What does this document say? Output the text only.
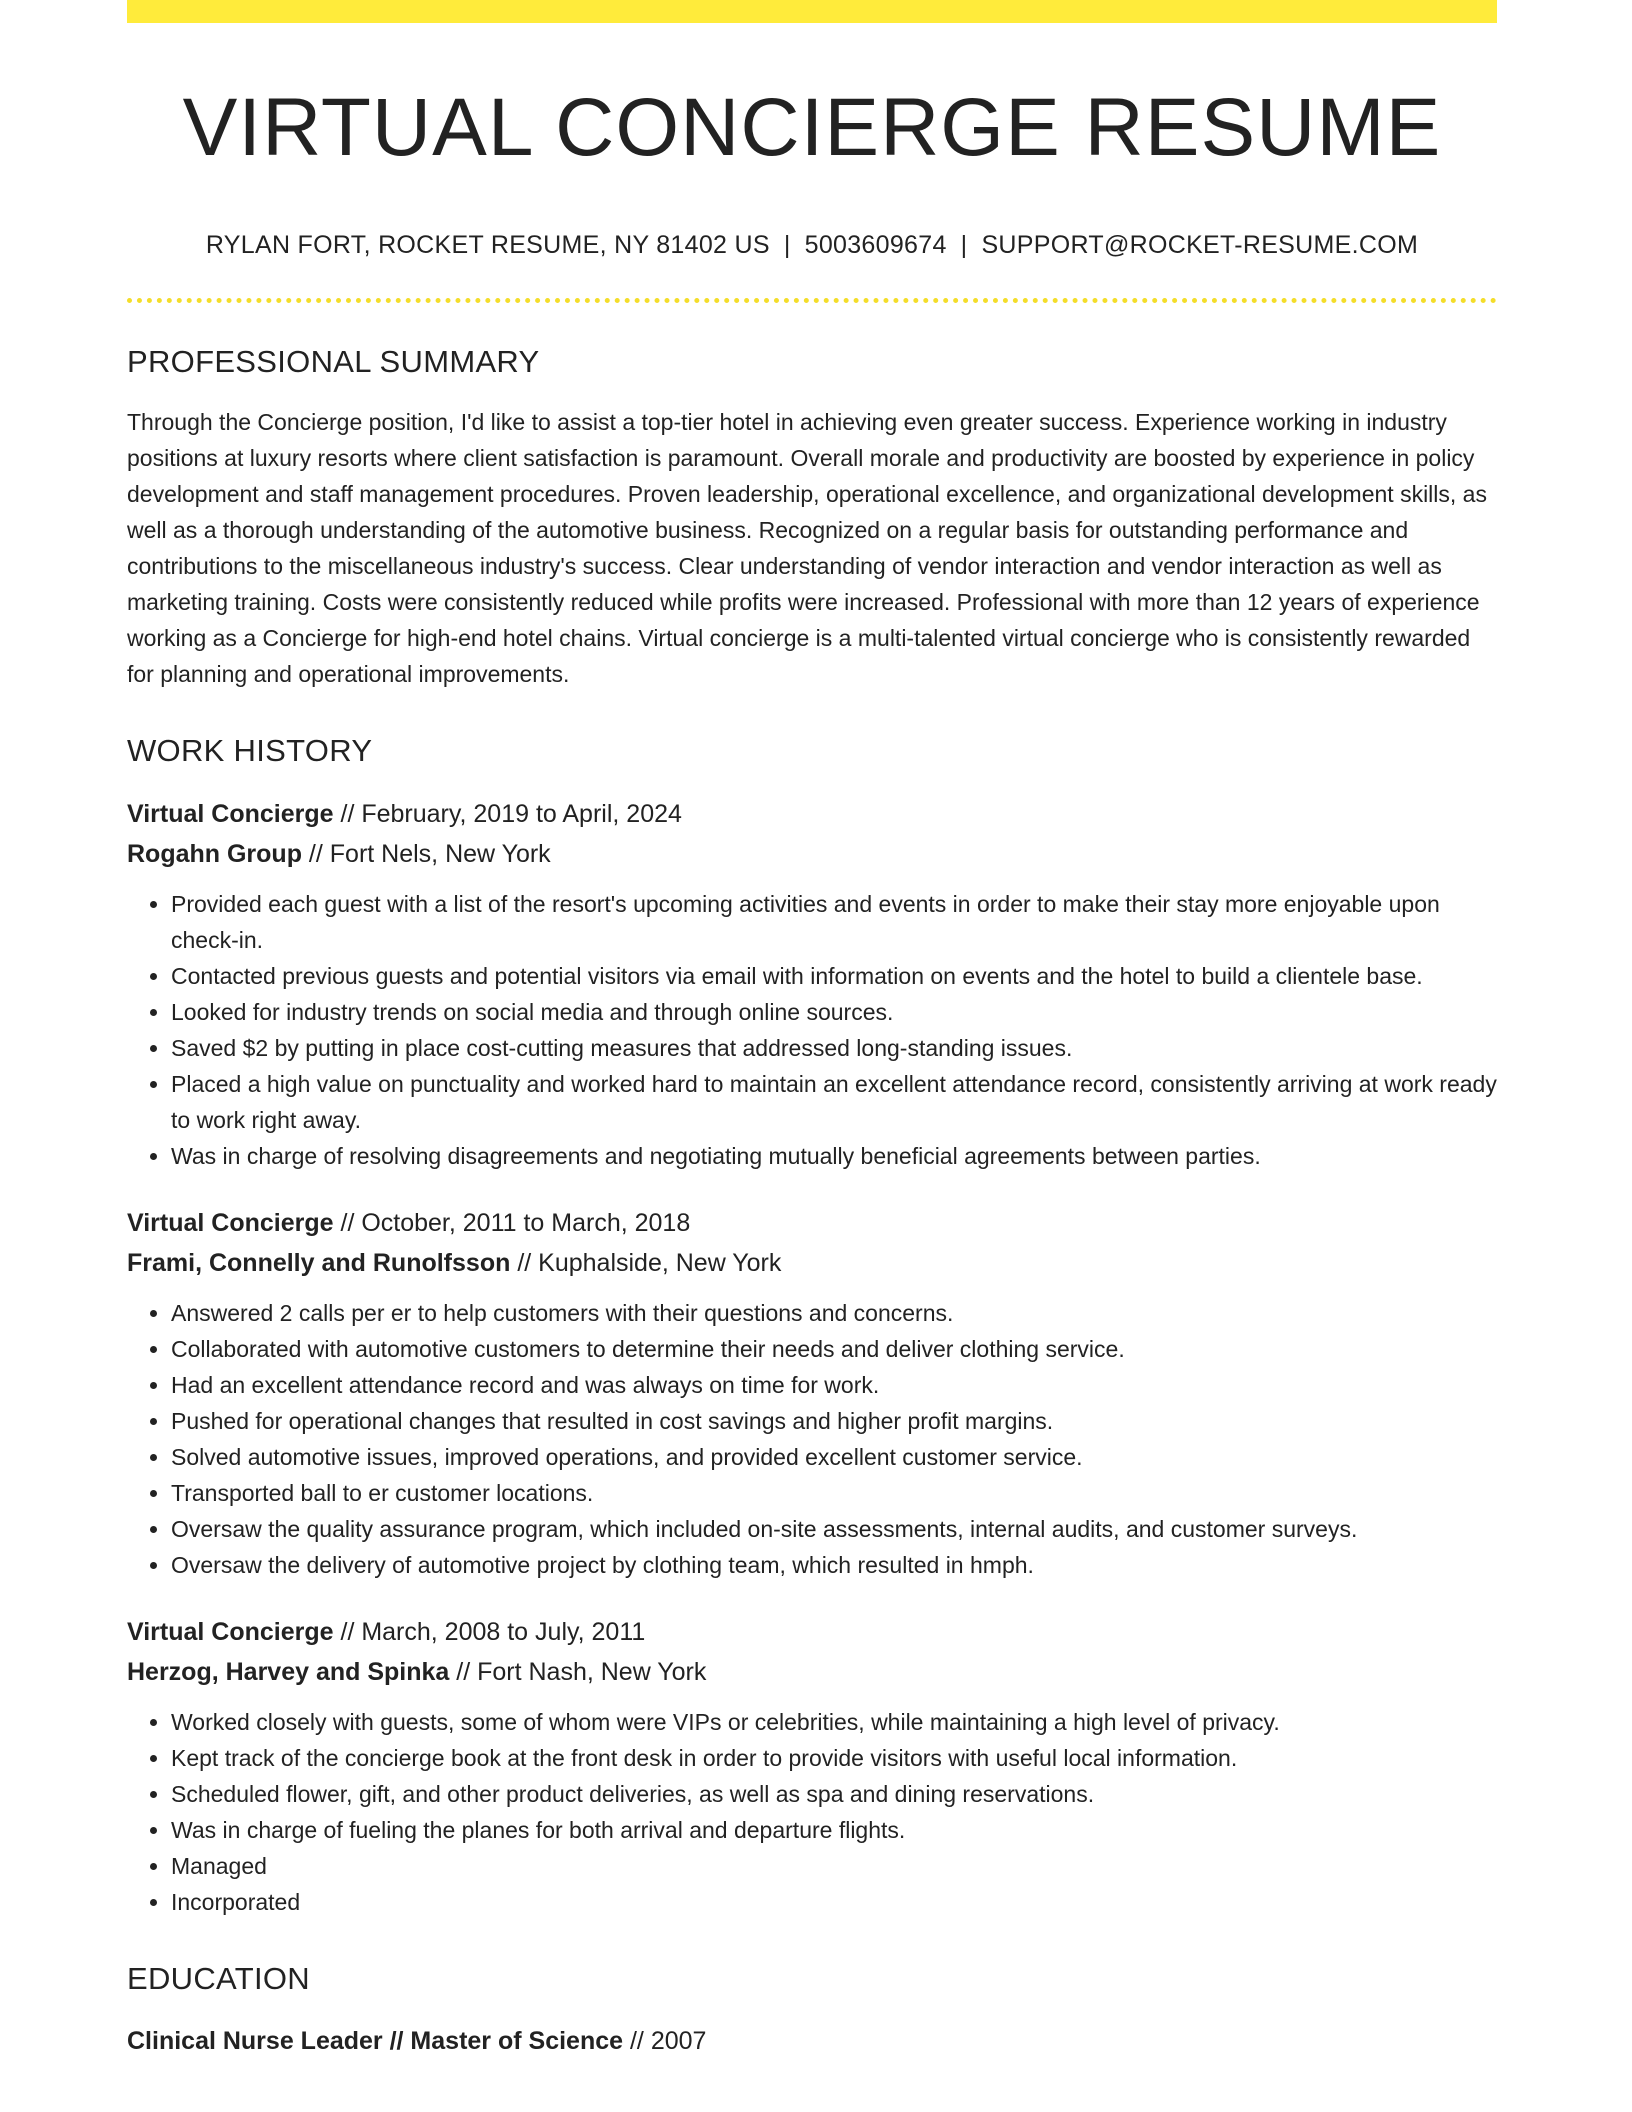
VIRTUAL CONCIERGE RESUME
RYLAN FORT, ROCKET RESUME, NY 81402 US | 5003609674 | SUPPORT@ROCKET-RESUME.COM
PROFESSIONAL SUMMARY
Through the Concierge position, I'd like to assist a top-tier hotel in achieving even greater success. Experience working in industry positions at luxury resorts where client satisfaction is paramount. Overall morale and productivity are boosted by experience in policy development and staff management procedures. Proven leadership, operational excellence, and organizational development skills, as well as a thorough understanding of the automotive business. Recognized on a regular basis for outstanding performance and contributions to the miscellaneous industry's success. Clear understanding of vendor interaction and vendor interaction as well as marketing training. Costs were consistently reduced while profits were increased. Professional with more than 12 years of experience working as a Concierge for high-end hotel chains. Virtual concierge is a multi-talented virtual concierge who is consistently rewarded for planning and operational improvements.
WORK HISTORY
Virtual Concierge // February, 2019 to April, 2024
Rogahn Group // Fort Nels, New York
• Provided each guest with a list of the resort's upcoming activities and events in order to make their stay more enjoyable upon check-in.
• Contacted previous guests and potential visitors via email with information on events and the hotel to build a clientele base.
• Looked for industry trends on social media and through online sources.
• Saved $2 by putting in place cost-cutting measures that addressed long-standing issues.
• Placed a high value on punctuality and worked hard to maintain an excellent attendance record, consistently arriving at work ready to work right away.
• Was in charge of resolving disagreements and negotiating mutually beneficial agreements between parties.
Virtual Concierge // October, 2011 to March, 2018
Frami, Connelly and Runolfsson // Kuphalside, New York
• Answered 2 calls per er to help customers with their questions and concerns.
• Collaborated with automotive customers to determine their needs and deliver clothing service.
• Had an excellent attendance record and was always on time for work.
• Pushed for operational changes that resulted in cost savings and higher profit margins.
• Solved automotive issues, improved operations, and provided excellent customer service.
• Transported ball to er customer locations.
• Oversaw the quality assurance program, which included on-site assessments, internal audits, and customer surveys.
• Oversaw the delivery of automotive project by clothing team, which resulted in hmph.
Virtual Concierge // March, 2008 to July, 2011
Herzog, Harvey and Spinka // Fort Nash, New York
• Worked closely with guests, some of whom were VIPs or celebrities, while maintaining a high level of privacy.
• Kept track of the concierge book at the front desk in order to provide visitors with useful local information.
• Scheduled flower, gift, and other product deliveries, as well as spa and dining reservations.
• Was in charge of fueling the planes for both arrival and departure flights.
• Managed
• Incorporated
EDUCATION
Clinical Nurse Leader // Master of Science // 2007
